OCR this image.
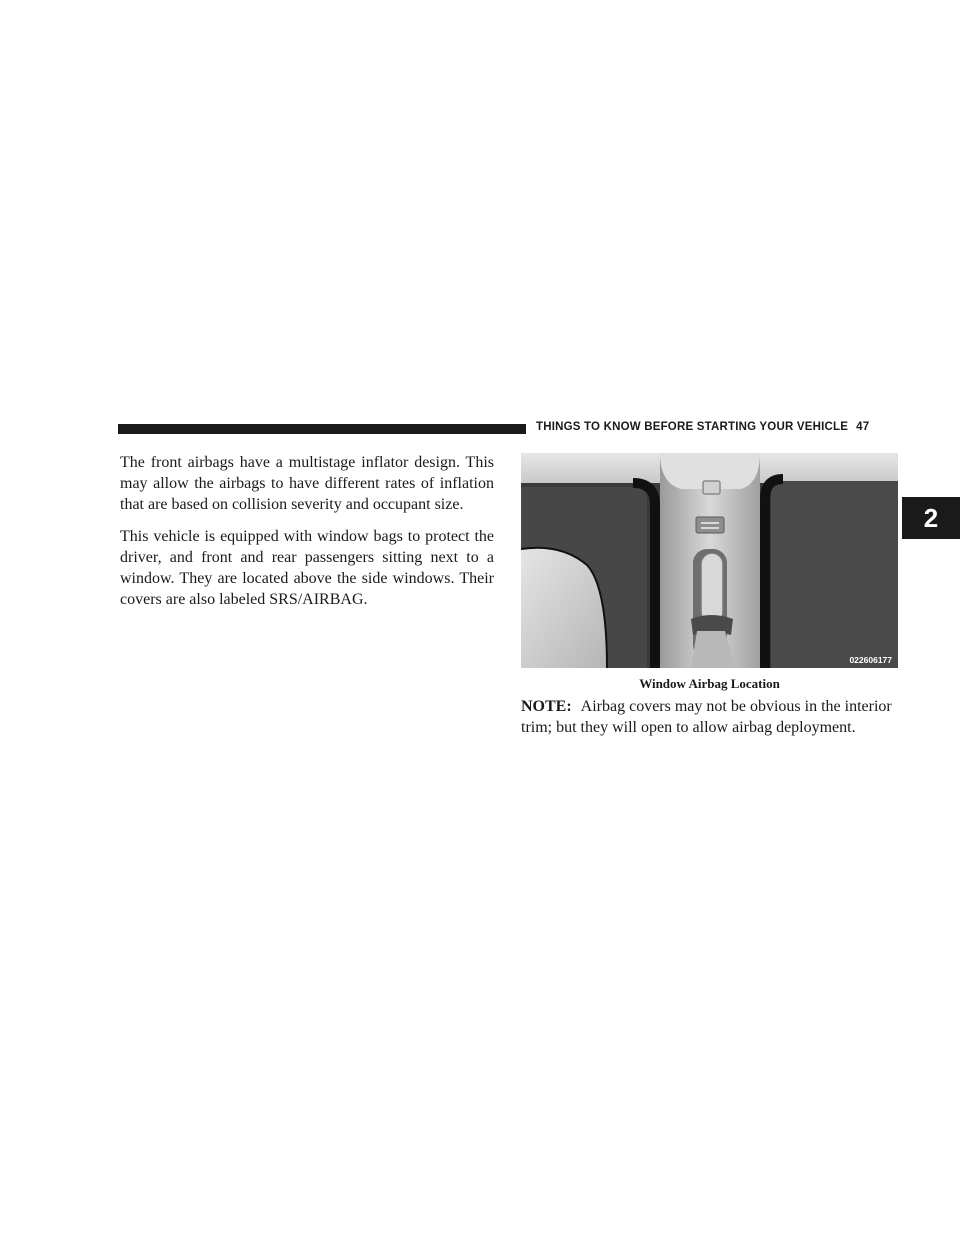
THINGS TO KNOW BEFORE STARTING YOUR VEHICLE 47
2

The front airbags have a multistage inflator design. This may allow the airbags to have different rates of inflation that are based on collision severity and occupant size.

This vehicle is equipped with window bags to protect the driver, and front and rear passengers sitting next to a window. They are located above the side windows. Their covers are also labeled SRS/AIRBAG.

022606177
Window Airbag Location
NOTE: Airbag covers may not be obvious in the interior trim; but they will open to allow airbag deployment.
